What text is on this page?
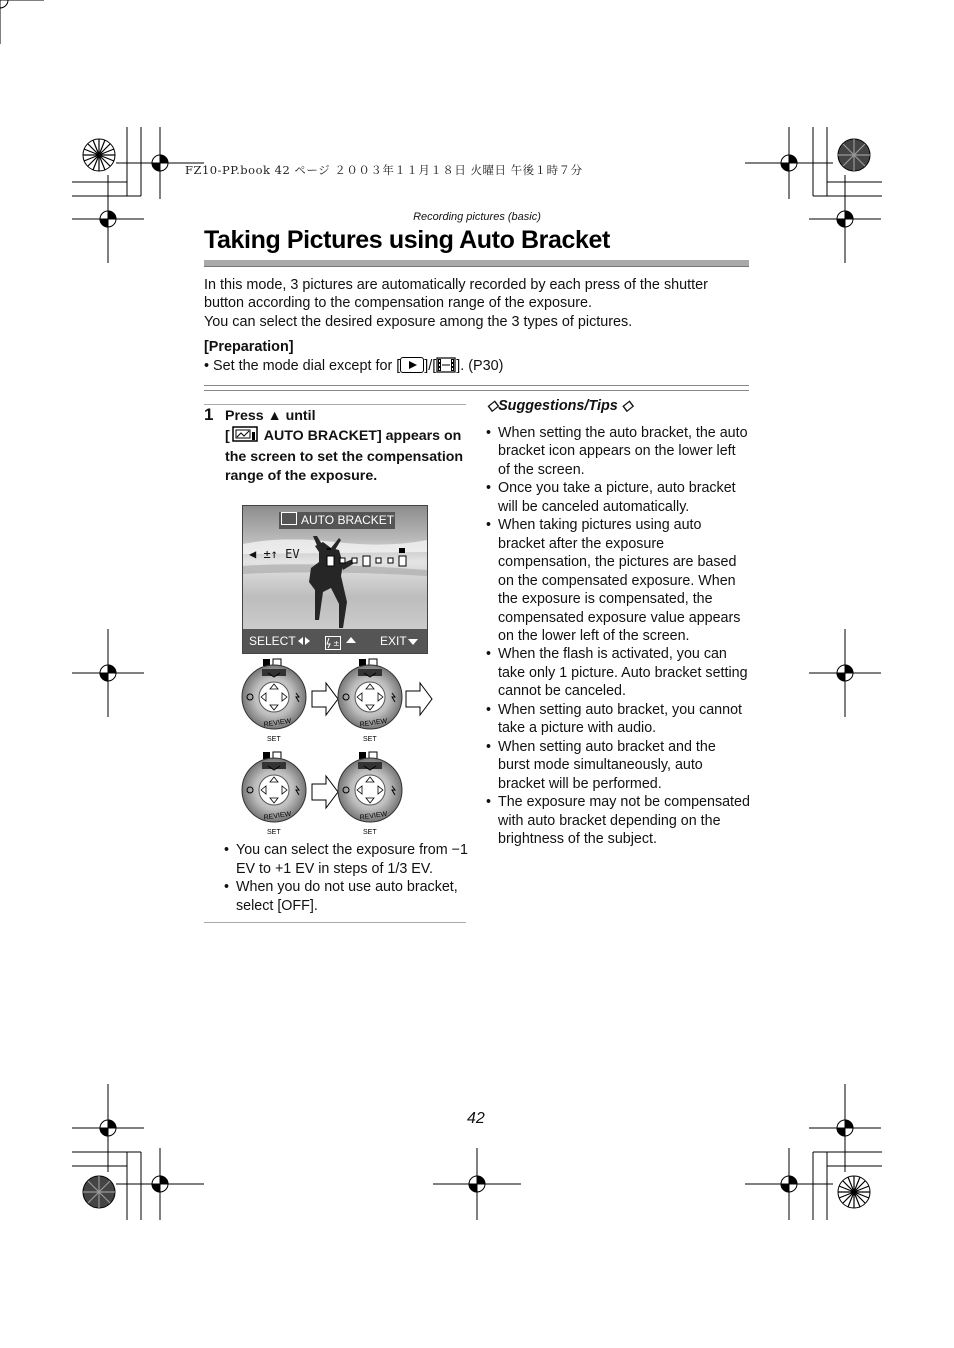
FZ10-PP.book 42 ページ ２００３年１１月１８日 火曜日 午後１時７分
Recording pictures (basic)
Taking Pictures using Auto Bracket

In this mode, 3 pictures are automatically recorded by each press of the shutter button according to the compensation range of the exposure.

You can select the desired exposure among the 3 types of pictures.

[Preparation]
• Set the mode dial except for [ ]/[ ]. (P30)
1 Press ▲ until
[ AUTO BRACKET] appears on the screen to set the compensation range of the exposure.
AUTO BRACKET
◀ ±↑ EV
SELECT	±	EXIT
REVIEW
SET
REVIEW
SET
REVIEW
SET
REVIEW
SET
• You can select the exposure from −1 EV to +1 EV in steps of 1/3 EV.
• When you do not use auto bracket, select [OFF].
◇Suggestions/Tips ◇
• When setting the auto bracket, the auto bracket icon appears on the lower left of the screen.
• Once you take a picture, auto bracket will be canceled automatically.
• When taking pictures using auto bracket after the exposure compensation, the pictures are based on the compensated exposure. When the exposure is compensated, the compensated exposure value appears on the lower left of the screen.
• When the flash is activated, you can take only 1 picture. Auto bracket setting cannot be canceled.
• When setting auto bracket, you cannot take a picture with audio.
• When setting auto bracket and the burst mode simultaneously, auto bracket will be performed.
• The exposure may not be compensated with auto bracket depending on the brightness of the subject.
42
